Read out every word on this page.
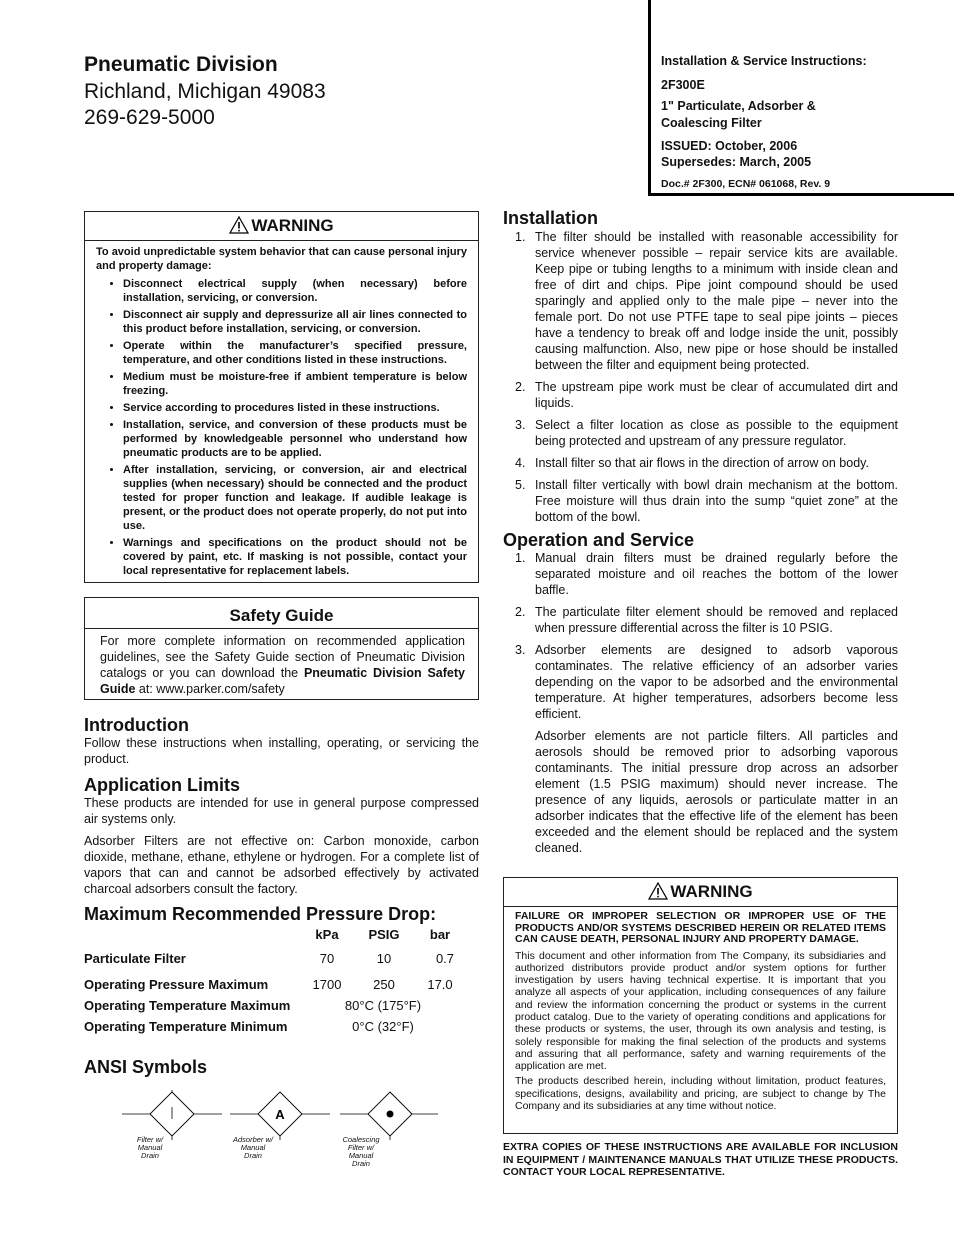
Pneumatic Division
Richland, Michigan 49083
269-629-5000
Installation & Service Instructions:
2F300E
1" Particulate, Adsorber &
Coalescing Filter
ISSUED: October, 2006
Supersedes: March, 2005
Doc.# 2F300, ECN# 061068, Rev. 9
WARNING
To avoid unpredictable system behavior that can cause personal injury and property damage:
• Disconnect electrical supply (when necessary) before installation, servicing, or conversion.
• Disconnect air supply and depressurize all air lines connected to this product before installation, servicing, or conversion.
• Operate within the manufacturer’s specified pressure, temperature, and other conditions listed in these instructions.
• Medium must be moisture-free if ambient temperature is below freezing.
• Service according to procedures listed in these instructions.
• Installation, service, and conversion of these products must be performed by knowledgeable personnel who understand how pneumatic products are to be applied.
• After installation, servicing, or conversion, air and electrical supplies (when necessary) should be connected and the product tested for proper function and leakage. If audible leakage is present, or the product does not operate properly, do not put into use.
• Warnings and specifications on the product should not be covered by paint, etc. If masking is not possible, contact your local representative for replacement labels.
Safety Guide
For more complete information on recommended application guidelines, see the Safety Guide section of Pneumatic Division catalogs or you can download the Pneumatic Division Safety Guide at: www.parker.com/safety
Introduction
Follow these instructions when installing, operating, or servicing the product.
Application Limits
These products are intended for use in general purpose compressed air systems only.
Adsorber Filters are not effective on: Carbon monoxide, carbon dioxide, methane, ethane, ethylene or hydrogen. For a complete list of vapors that can and cannot be adsorbed effectively by activated charcoal adsorbers consult the factory.
Maximum Recommended Pressure Drop:
kPa	PSIG	bar
Particulate Filter	70	10	0.7
Operating Pressure Maximum	1700	250	17.0
Operating Temperature Maximum	80°C (175°F)
Operating Temperature Minimum	0°C (32°F)
ANSI Symbols
A
Filter w/
Manual
Drain
Adsorber w/
Manual
Drain
Coalescing
Filter w/
Manual
Drain
Installation
1. The filter should be installed with reasonable accessibility for service whenever possible – repair service kits are available. Keep pipe or tubing lengths to a minimum with inside clean and free of dirt and chips. Pipe joint compound should be used sparingly and applied only to the male pipe – never into the female port. Do not use PTFE tape to seal pipe joints – pieces have a tendency to break off and lodge inside the unit, possibly causing malfunction. Also, new pipe or hose should be installed between the filter and equipment being protected.
2. The upstream pipe work must be clear of accumulated dirt and liquids.
3. Select a filter location as close as possible to the equipment being protected and upstream of any pressure regulator.
4. Install filter so that air flows in the direction of arrow on body.
5. Install filter vertically with bowl drain mechanism at the bottom. Free moisture will thus drain into the sump “quiet zone” at the bottom of the bowl.
Operation and Service
1. Manual drain filters must be drained regularly before the separated moisture and oil reaches the bottom of the lower baffle.
2. The particulate filter element should be removed and replaced when pressure differential across the filter is 10 PSIG.
3. Adsorber elements are designed to adsorb vaporous contaminates. The relative efficiency of an adsorber varies depending on the vapor to be adsorbed and the environmental temperature. At higher temperatures, adsorbers become less efficient.
Adsorber elements are not particle filters. All particles and aerosols should be removed prior to adsorbing vaporous contaminants. The initial pressure drop across an adsorber element (1.5 PSIG maximum) should never increase. The presence of any liquids, aerosols or particulate matter in an adsorber indicates that the effective life of the element has been exceeded and the element should be replaced and the system cleaned.
WARNING
FAILURE OR IMPROPER SELECTION OR IMPROPER USE OF THE PRODUCTS AND/OR SYSTEMS DESCRIBED HEREIN OR RELATED ITEMS CAN CAUSE DEATH, PERSONAL INJURY AND PROPERTY DAMAGE.
This document and other information from The Company, its subsidiaries and authorized distributors provide product and/or system options for further investigation by users having technical expertise. It is important that you analyze all aspects of your application, including consequences of any failure and review the information concerning the product or systems in the current product catalog. Due to the variety of operating conditions and applications for these products or systems, the user, through its own analysis and testing, is solely responsible for making the final selection of the products and systems and assuring that all performance, safety and warning requirements of the application are met.
The products described herein, including without limitation, product features, specifications, designs, availability and pricing, are subject to change by The Company and its subsidiaries at any time without notice.
EXTRA COPIES OF THESE INSTRUCTIONS ARE AVAILABLE FOR INCLUSION IN EQUIPMENT / MAINTENANCE MANUALS THAT UTILIZE THESE PRODUCTS. CONTACT YOUR LOCAL REPRESENTATIVE.
